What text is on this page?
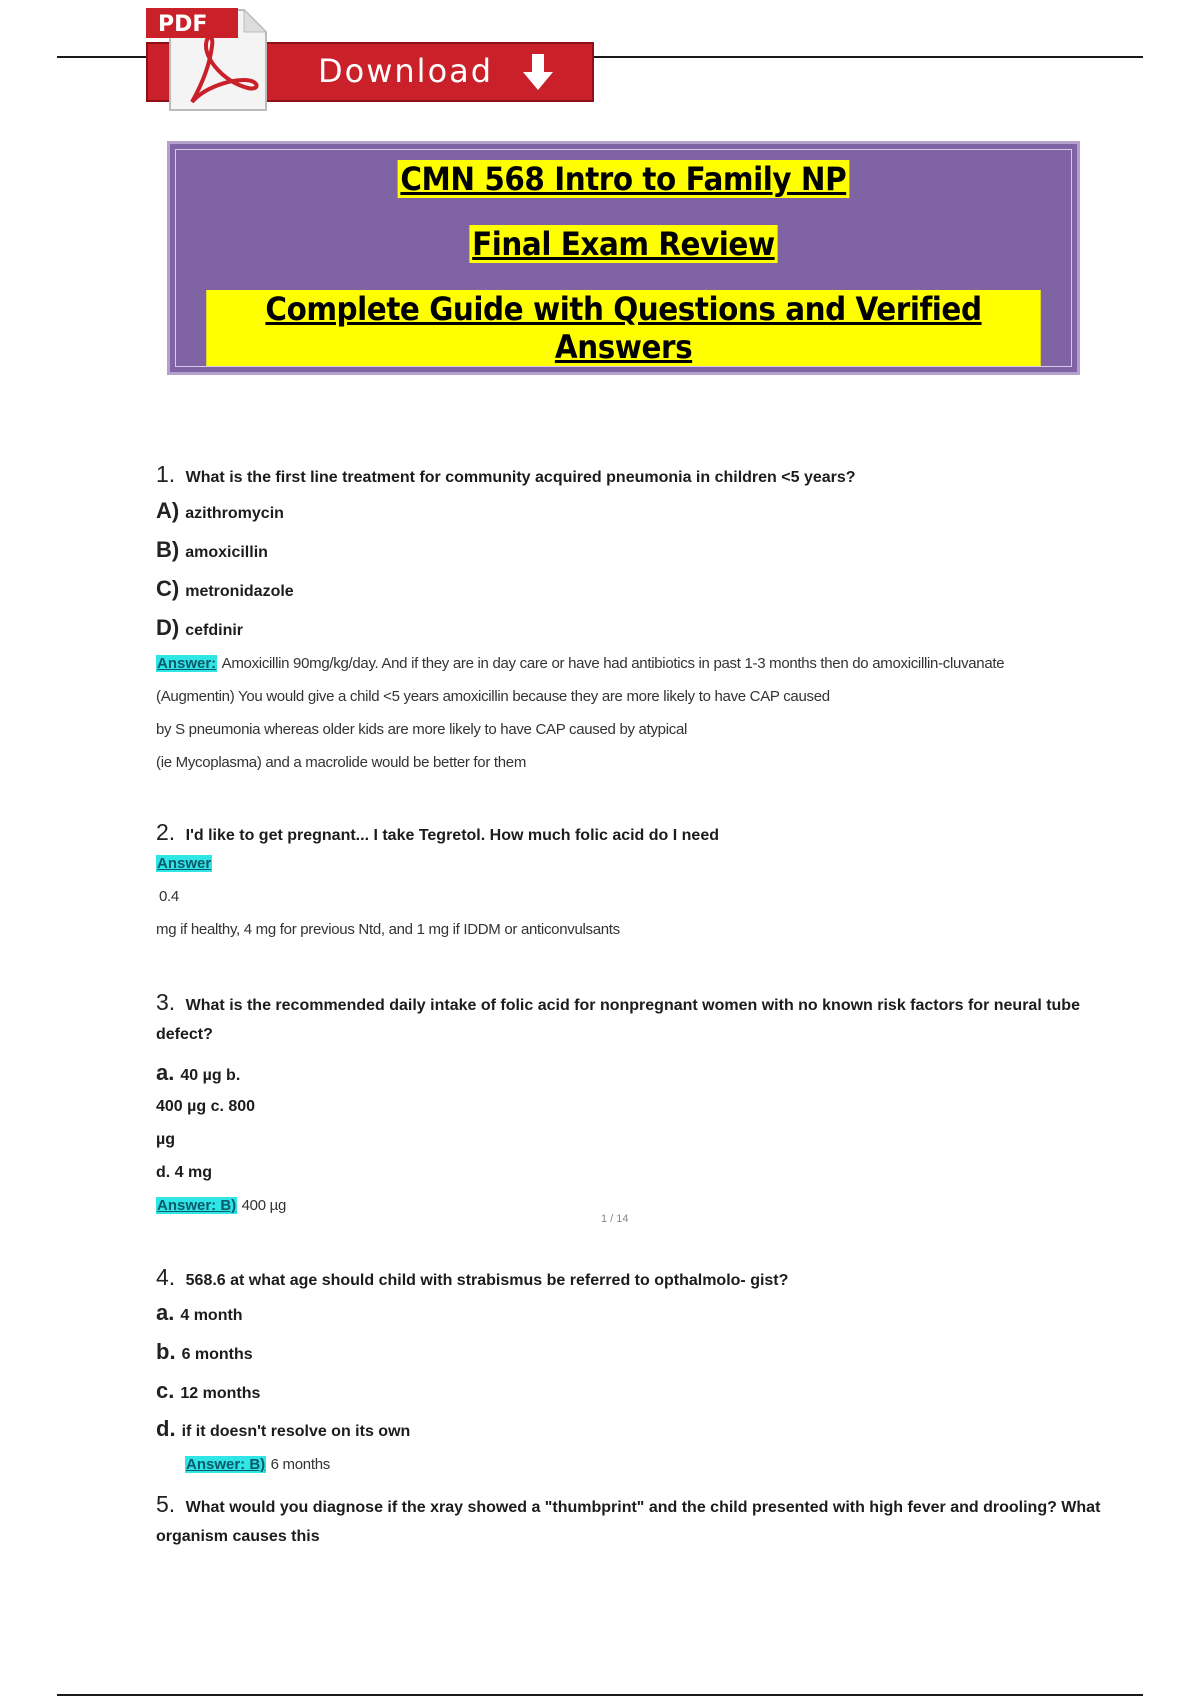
Download
PDF
CMN 568 Intro to Family NP
Final Exam Review
Complete Guide with Questions and Verified Answers
1. What is the first line treatment for community acquired pneumonia in children <5 years?
A) azithromycin
B) amoxicillin
C) metronidazole
D) cefdinir
Answer: Amoxicillin 90mg/kg/day. And if they are in day care or have had antibiotics in past 1-3 months then do amoxicillin-cluvanate
(Augmentin) You would give a child <5 years amoxicillin because they are more likely to have CAP caused
by S pneumonia whereas older kids are more likely to have CAP caused by atypical
(ie Mycoplasma) and a macrolide would be better for them
2. I'd like to get pregnant... I take Tegretol. How much folic acid do I need
Answer
0.4
mg if healthy, 4 mg for previous Ntd, and 1 mg if IDDM or anticonvulsants
3. What is the recommended daily intake of folic acid for nonpregnant women with no known risk factors for neural tube
defect?
a. 40 µg b.
400 µg c. 800
µg
d. 4 mg
Answer: B) 400 µg
4. 568.6 at what age should child with strabismus be referred to opthalmolo- gist?
a. 4 month
b. 6 months
c. 12 months
d. if it doesn't resolve on its own
Answer: B) 6 months
5. What would you diagnose if the xray showed a "thumbprint" and the child presented with high fever and drooling? What
organism causes this
1 / 14
